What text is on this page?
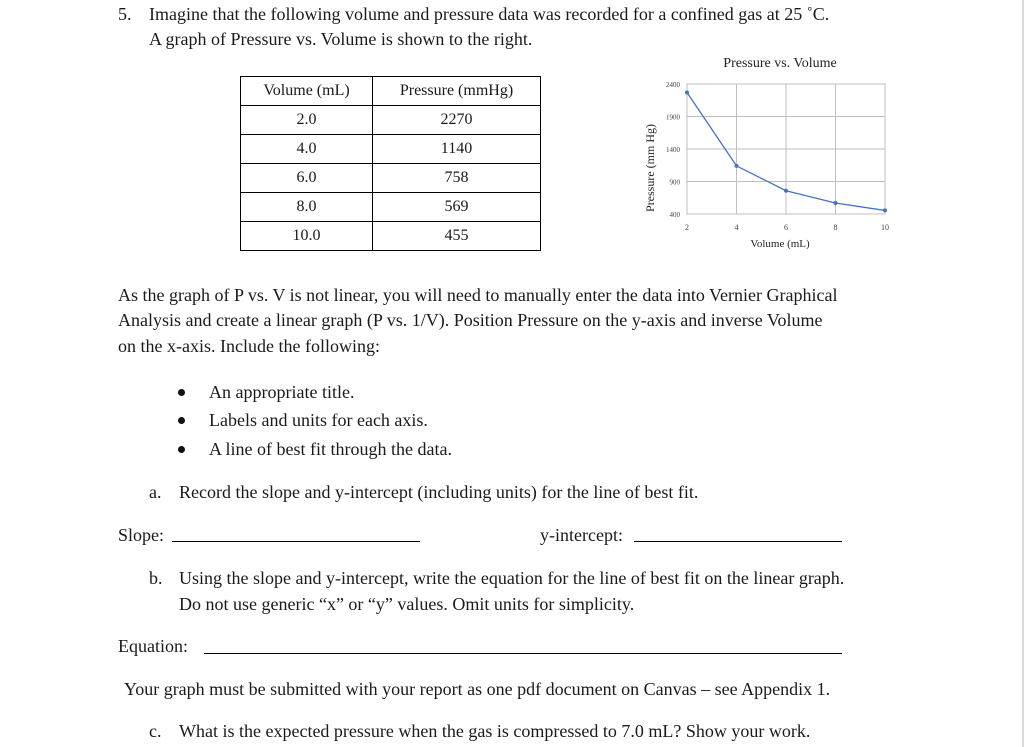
5. Imagine that the following volume and pressure data was recorded for a confined gas at 25 ˚C.
A graph of Pressure vs. Volume is shown to the right.
Volume (mL)	Pressure (mmHg)
2.0	2270
4.0	1140
6.0	758
8.0	569
10.0	455
Pressure vs. Volume
2	4	6	8	10
400
900
1400
1900
2400
Volume (mL)
Pressure (mm Hg)
As the graph of P vs. V is not linear, you will need to manually enter the data into Vernier Graphical
Analysis and create a linear graph (P vs. 1/V). Position Pressure on the y-axis and inverse Volume
on the x-axis. Include the following:
An appropriate title.
Labels and units for each axis.
A line of best fit through the data.
a. Record the slope and y-intercept (including units) for the line of best fit.
Slope:	y-intercept:
b. Using the slope and y-intercept, write the equation for the line of best fit on the linear graph.
Do not use generic “x” or “y” values. Omit units for simplicity.
Equation:
Your graph must be submitted with your report as one pdf document on Canvas – see Appendix 1.
c. What is the expected pressure when the gas is compressed to 7.0 mL? Show your work.
